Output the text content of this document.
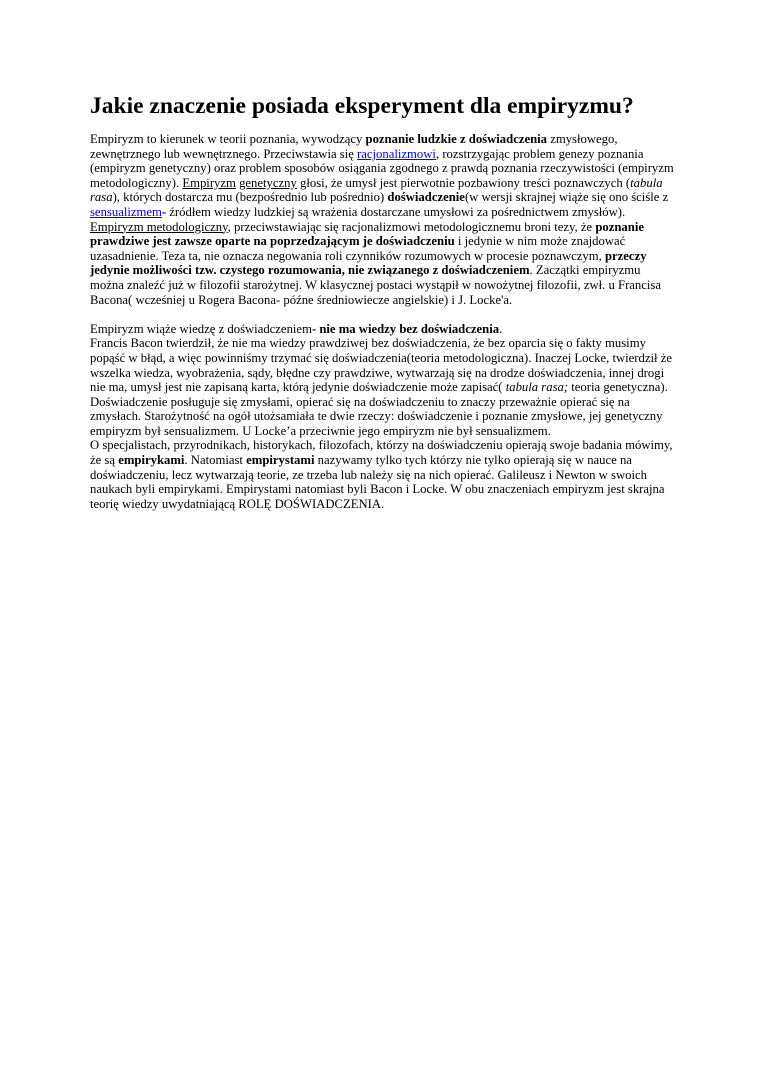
Jakie znaczenie posiada eksperyment dla empiryzmu?

Empiryzm to kierunek w teorii poznania, wywodzący poznanie ludzkie z doświadczenia zmysłowego, zewnętrznego lub wewnętrznego. Przeciwstawia się racjonalizmowi, rozstrzygając problem genezy poznania (empiryzm genetyczny) oraz problem sposobów osiągania zgodnego z prawdą poznania rzeczywistości (empiryzm metodologiczny). Empiryzm genetyczny głosi, że umysł jest pierwotnie pozbawiony treści poznawczych (tabula rasa), których dostarcza mu (bezpośrednio lub pośrednio) doświadczenie(w wersji skrajnej wiąże się ono ściśle z sensualizmem- źródłem wiedzy ludzkiej są wrażenia dostarczane umysłowi za pośrednictwem zmysłów). Empiryzm metodologiczny, przeciwstawiając się racjonalizmowi metodologicznemu broni tezy, że poznanie prawdziwe jest zawsze oparte na poprzedzającym je doświadczeniu i jedynie w nim może znajdować uzasadnienie. Teza ta, nie oznacza negowania roli czynników rozumowych w procesie poznawczym, przeczy jedynie możliwości tzw. czystego rozumowania, nie związanego z doświadczeniem. Zaczątki empiryzmu można znaleźć już w filozofii starożytnej. W klasycznej postaci wystąpił w nowożytnej filozofii, zwł. u Francisa Bacona( wcześniej u Rogera Bacona- późne średniowiecze angielskie) i J. Locke'a.

Empiryzm wiąże wiedzę z doświadczeniem- nie ma wiedzy bez doświadczenia.

Francis Bacon twierdził, że nie ma wiedzy prawdziwej bez doświadczenia, że bez oparcia się o fakty musimy popąść w błąd, a więc powinniśmy trzymać się doświadczenia(teoria metodologiczna). Inaczej Locke, twierdził że wszelka wiedza, wyobrażenia, sądy, błędne czy prawdziwe, wytwarzają się na drodze doświadczenia, innej drogi nie ma, umysł jest nie zapisaną karta, którą jedynie doświadczenie może zapisać( tabula rasa; teoria genetyczna). Doświadczenie posługuje się zmysłami, opierać się na doświadczeniu to znaczy przeważnie opierać się na zmysłach. Starożytność na ogół utożsamiała te dwie rzeczy: doświadczenie i poznanie zmysłowe, jej genetyczny empiryzm był sensualizmem. U Locke’a przeciwnie jego empiryzm nie był sensualizmem.

O specjalistach, przyrodnikach, historykach, filozofach, którzy na doświadczeniu opierają swoje badania mówimy, że są empirykami. Natomiast empirystami nazywamy tylko tych którzy nie tylko opierają się w nauce na doświadczeniu, lecz wytwarzają teorie, ze trzeba lub należy się na nich opierać. Galileusz i Newton w swoich naukach byli empirykami. Empirystami natomiast byli Bacon i Locke. W obu znaczeniach empiryzm jest skrajna teorię wiedzy uwydatniającą ROLĘ DOŚWIADCZENIA.
